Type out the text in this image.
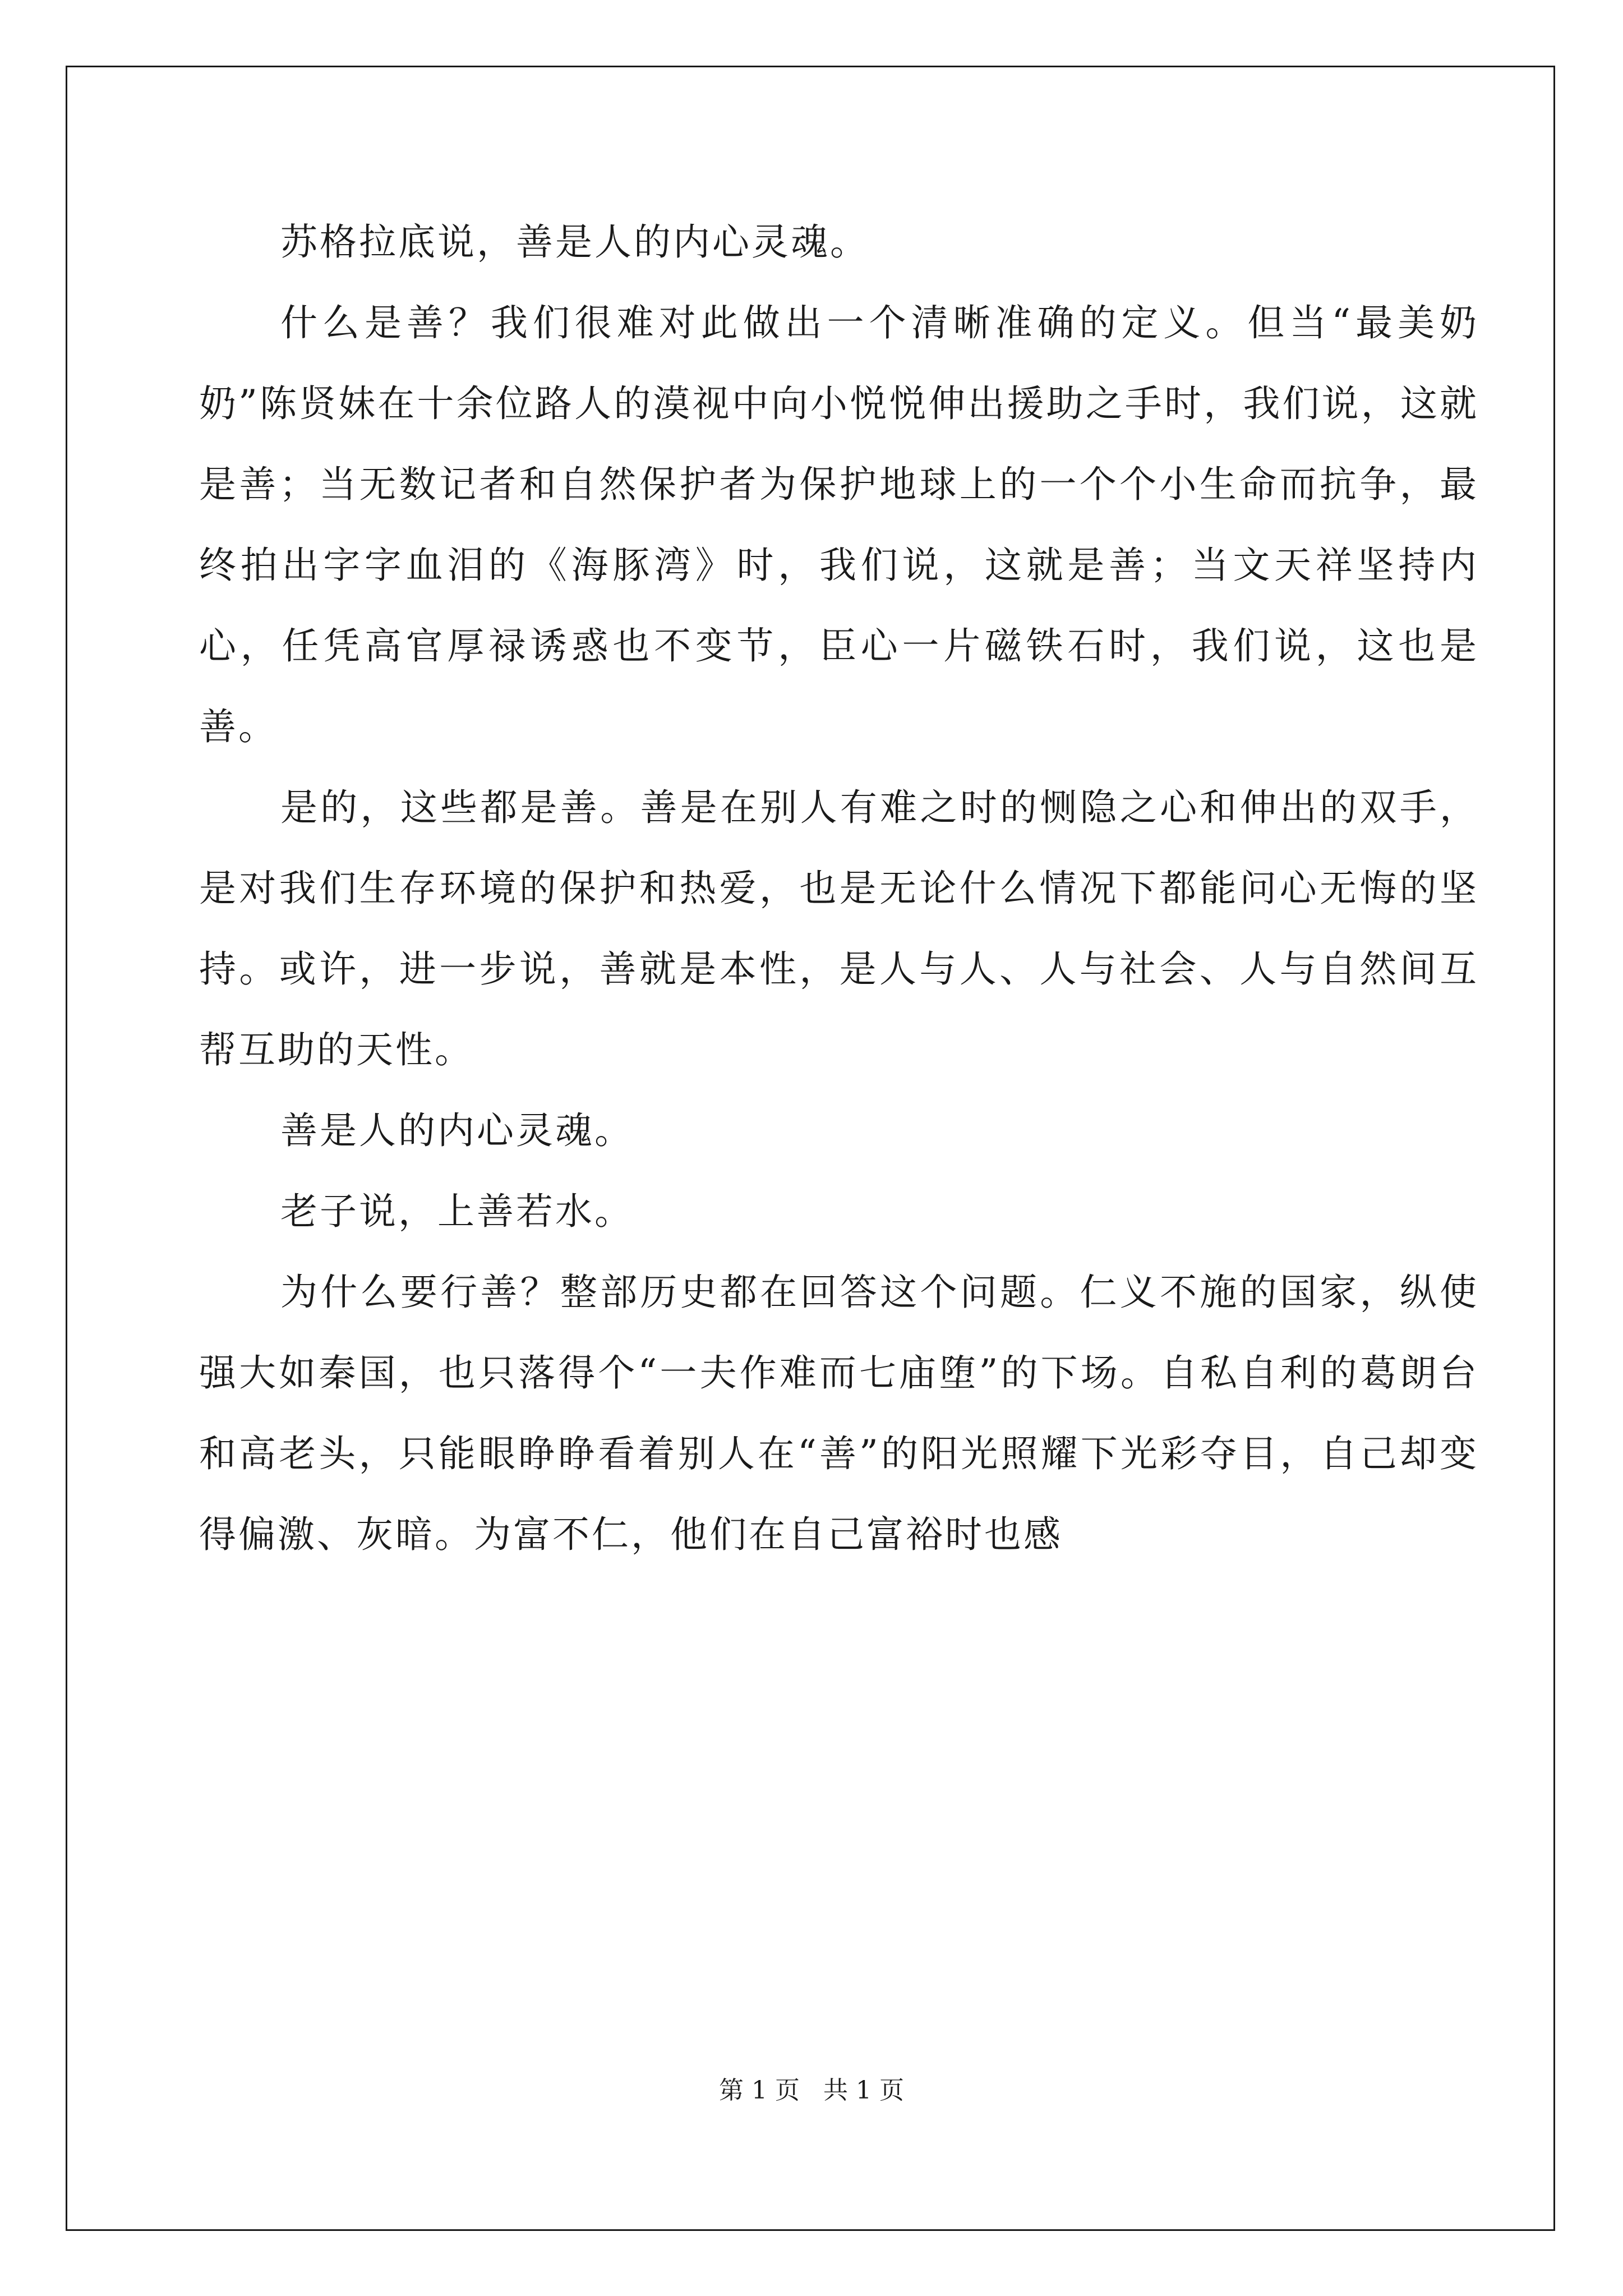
苏格拉底说，善是人的内心灵魂。

什么是善？我们很难对此做出一个清晰准确的定义。但当“最美奶奶”陈贤妹在十余位路人的漠视中向小悦悦伸出援助之手时，我们说，这就是善；当无数记者和自然保护者为保护地球上的一个个小生命而抗争，最终拍出字字血泪的《海豚湾》时，我们说，这就是善；当文天祥坚持内心，任凭高官厚禄诱惑也不变节，臣心一片磁铁石时，我们说，这也是善。

是的，这些都是善。善是在别人有难之时的恻隐之心和伸出的双手，是对我们生存环境的保护和热爱，也是无论什么情况下都能问心无悔的坚持。或许，进一步说，善就是本性，是人与人、人与社会、人与自然间互帮互助的天性。

善是人的内心灵魂。

老子说，上善若水。

为什么要行善？整部历史都在回答这个问题。仁义不施的国家，纵使强大如秦国，也只落得个“一夫作难而七庙堕”的下场。自私自利的葛朗台和高老头，只能眼睁睁看着别人在“善”的阳光照耀下光彩夺目，自己却变得偏激、灰暗。为富不仁，他们在自己富裕时也感

第 1 页   共 1 页
